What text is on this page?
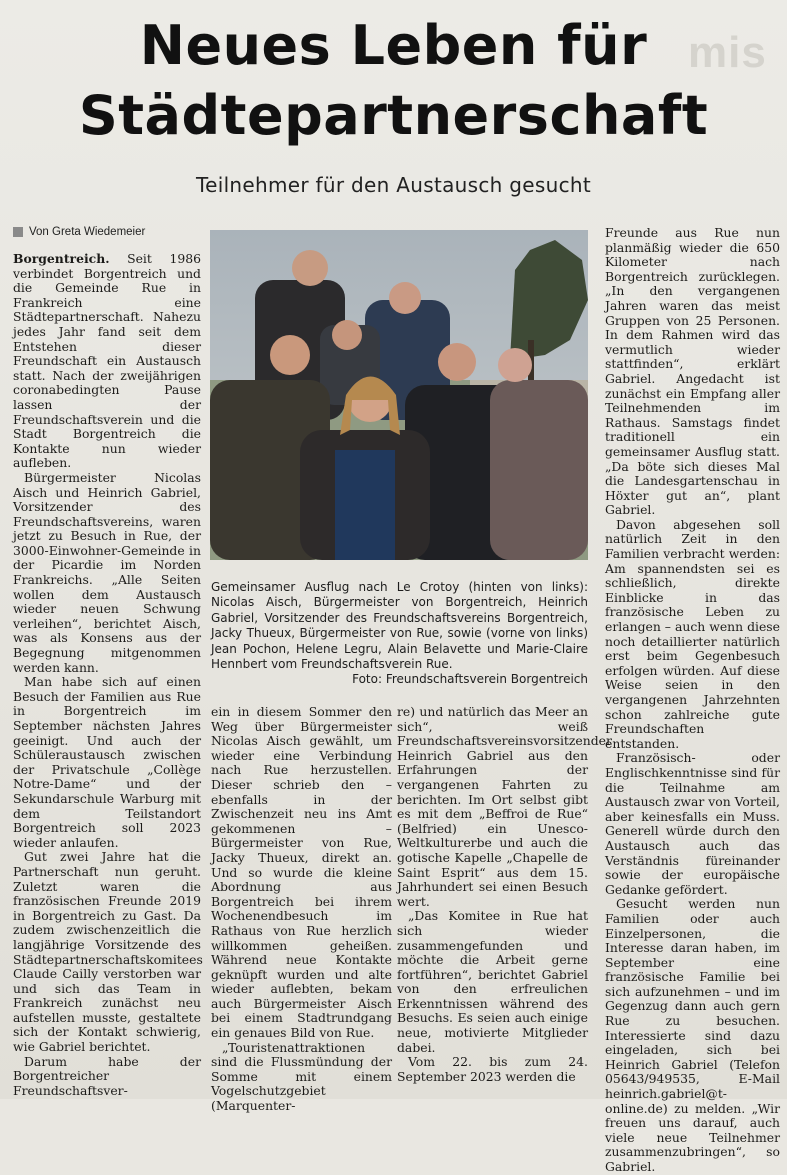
mis
Neues Leben für
Städtepartnerschaft
Teilnehmer für den Austausch gesucht
Von Greta Wiedemeier

Borgentreich. Seit 1986 verbindet Borgentreich und die Gemeinde Rue in Frankreich eine Städtepartnerschaft. Nahezu jedes Jahr fand seit dem Entstehen dieser Freundschaft ein Austausch statt. Nach der zweijährigen coronabedingten Pause lassen der Freundschaftsverein und die Stadt Borgentreich die Kontakte nun wieder aufleben.

Bürgermeister Nicolas Aisch und Heinrich Gabriel, Vorsitzender des Freundschaftsvereins, waren jetzt zu Besuch in Rue, der 3000-Einwohner-Gemeinde in der Picardie im Norden Frankreichs. „Alle Seiten wollen dem Austausch wieder neuen Schwung verleihen“, berichtet Aisch, was als Konsens aus der Begegnung mitgenommen werden kann.

Man habe sich auf einen Besuch der Familien aus Rue in Borgentreich im September nächsten Jahres geeinigt. Und auch der Schüleraustausch zwischen der Privatschule „Collège Notre-Dame“ und der Sekundarschule Warburg mit dem Teilstandort Borgentreich soll 2023 wieder anlaufen.

Gut zwei Jahre hat die Partnerschaft nun geruht. Zuletzt waren die französischen Freunde 2019 in Borgentreich zu Gast. Da zudem zwischenzeitlich die langjährige Vorsitzende des Städtepartnerschaftskomitees Claude Cailly verstorben war und sich das Team in Frankreich zunächst neu aufstellen musste, gestaltete sich der Kontakt schwierig, wie Gabriel berichtet.

Darum habe der Borgentreicher Freundschaftsver-

Gemeinsamer Ausflug nach Le Crotoy (hinten von links): Nicolas Aisch, Bürgermeister von Borgentreich, Heinrich Gabriel, Vorsitzender des Freundschaftsvereins Borgentreich, Jacky Thueux, Bürgermeister von Rue, sowie (vorne von links) Jean Pochon, Helene Legru, Alain Belavette und Marie-Claire Hennbert vom Freundschaftsverein Rue.
Foto: Freundschaftsverein Borgentreich

ein in diesem Sommer den Weg über Bürgermeister Nicolas Aisch gewählt, um wieder eine Verbindung nach Rue herzustellen. Dieser schrieb den – ebenfalls in der Zwischenzeit neu ins Amt gekommenen – Bürgermeister von Rue, Jacky Thueux, direkt an. Und so wurde die kleine Abordnung aus Borgentreich bei ihrem Wochenendbesuch im Rathaus von Rue herzlich willkommen geheißen. Während neue Kontakte geknüpft wurden und alte wieder auflebten, bekam auch Bürgermeister Aisch bei einem Stadtrundgang ein genaues Bild von Rue.

„Touristenattraktionen sind die Flussmündung der Somme mit einem Vogelschutzgebiet (Marquenter-

re) und natürlich das Meer an sich“, weiß Freundschaftsvereinsvorsitzender Heinrich Gabriel aus den Erfahrungen der vergangenen Fahrten zu berichten. Im Ort selbst gibt es mit dem „Beffroi de Rue“ (Belfried) ein Unesco-Weltkulturerbe und auch die gotische Kapelle „Chapelle de Saint Esprit“ aus dem 15. Jahrhundert sei einen Besuch wert.

„Das Komitee in Rue hat sich wieder zusammengefunden und möchte die Arbeit gerne fortführen“, berichtet Gabriel von den erfreulichen Erkenntnissen während des Besuchs. Es seien auch einige neue, motivierte Mitglieder dabei.

Vom 22. bis zum 24. September 2023 werden die

Freunde aus Rue nun planmäßig wieder die 650 Kilometer nach Borgentreich zurücklegen. „In den vergangenen Jahren waren das meist Gruppen von 25 Personen. In dem Rahmen wird das vermutlich wieder stattfinden“, erklärt Gabriel. Angedacht ist zunächst ein Empfang aller Teilnehmenden im Rathaus. Samstags findet traditionell ein gemeinsamer Ausflug statt. „Da böte sich dieses Mal die Landesgartenschau in Höxter gut an“, plant Gabriel.

Davon abgesehen soll natürlich Zeit in den Familien verbracht werden: Am spannendsten sei es schließlich, direkte Einblicke in das französische Leben zu erlangen – auch wenn diese noch detaillierter natürlich erst beim Gegenbesuch erfolgen würden. Auf diese Weise seien in den vergangenen Jahrzehnten schon zahlreiche gute Freundschaften entstanden.

Französisch- oder Englischkenntnisse sind für die Teilnahme am Austausch zwar von Vorteil, aber keinesfalls ein Muss. Generell würde durch den Austausch auch das Verständnis füreinander sowie der europäische Gedanke gefördert.

Gesucht werden nun Familien oder auch Einzelpersonen, die Interesse daran haben, im September eine französische Familie bei sich aufzunehmen – und im Gegenzug dann auch gern Rue zu besuchen. Interessierte sind dazu eingeladen, sich bei Heinrich Gabriel (Telefon 05643/949535, E-Mail heinrich.gabriel@t-online.de) zu melden. „Wir freuen uns darauf, auch viele neue Teilnehmer zusammenzubringen“, so Gabriel.
